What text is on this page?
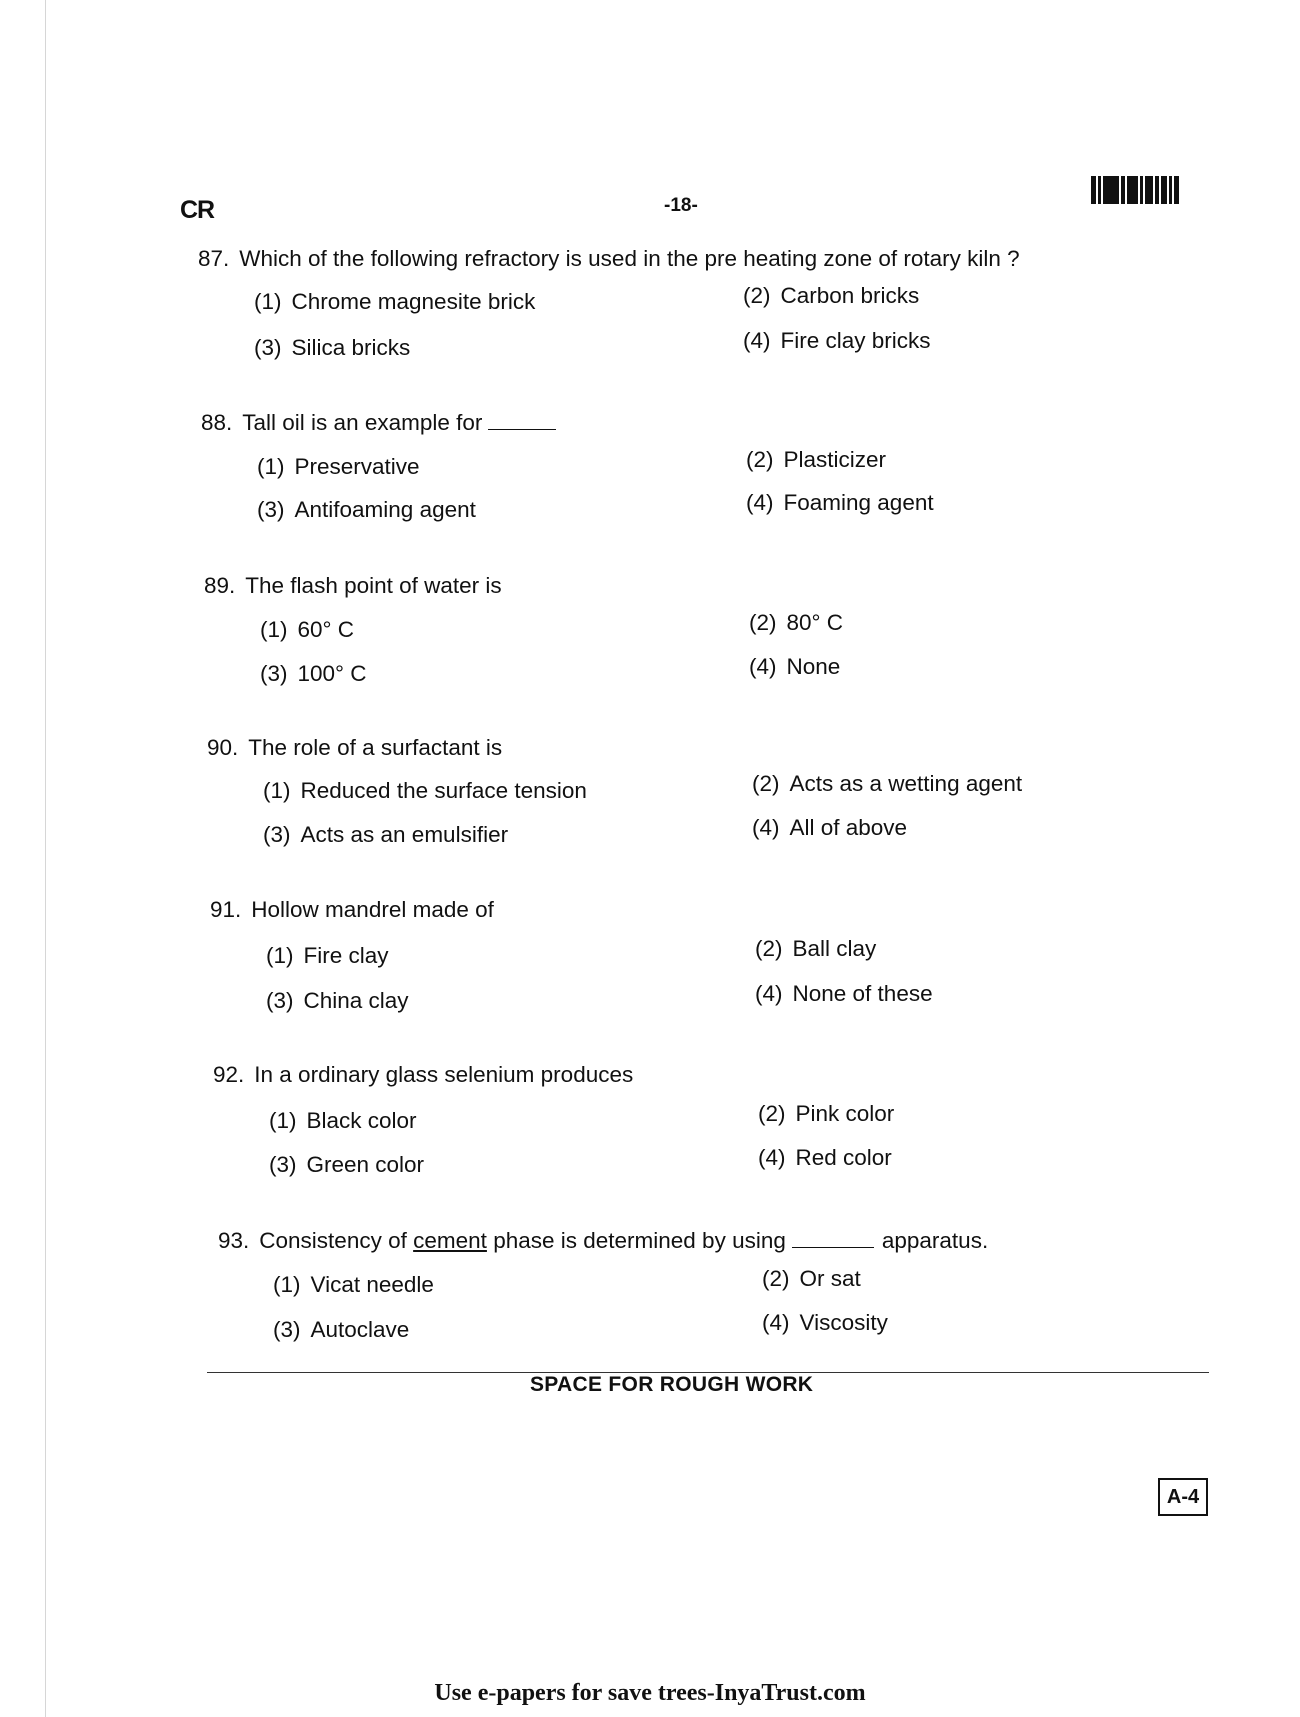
CR	-18-
87. Which of the following refractory is used in the pre heating zone of rotary kiln ?
(1) Chrome magnesite brick	(2) Carbon bricks
(3) Silica bricks	(4) Fire clay bricks
88. Tall oil is an example for
(1) Preservative	(2) Plasticizer
(3) Antifoaming agent	(4) Foaming agent
89. The flash point of water is
(1) 60° C	(2) 80° C
(3) 100° C	(4) None
90. The role of a surfactant is
(1) Reduced the surface tension	(2) Acts as a wetting agent
(3) Acts as an emulsifier	(4) All of above
91. Hollow mandrel made of
(1) Fire clay	(2) Ball clay
(3) China clay	(4) None of these
92. In a ordinary glass selenium produces
(1) Black color	(2) Pink color
(3) Green color	(4) Red color
93. Consistency of cement phase is determined by using	apparatus.
(1) Vicat needle	(2) Or sat
(3) Autoclave	(4) Viscosity
SPACE FOR ROUGH WORK
A-4
Use e-papers for save trees-InyaTrust.com
